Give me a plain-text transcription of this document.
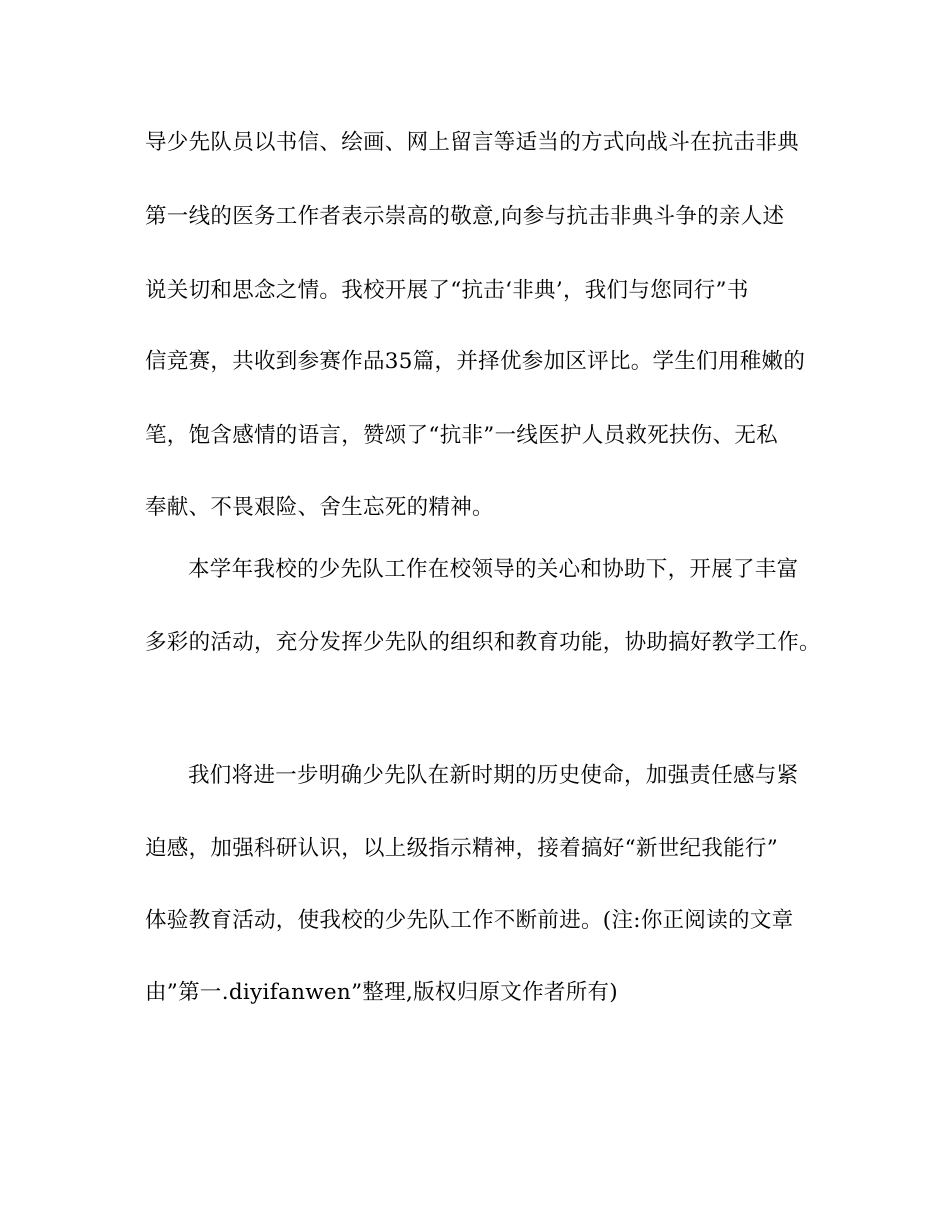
导少先队员以书信、绘画、网上留言等适当的方式向战斗在抗击非典
第一线的医务工作者表示崇高的敬意,向参与抗击非典斗争的亲人述
说关切和思念之情。我校开展了“抗击‘非典’，我们与您同行”书
信竞赛，共收到参赛作品35篇，并择优参加区评比。学生们用稚嫩的
笔，饱含感情的语言，赞颂了“抗非”一线医护人员救死扶伤、无私
奉献、不畏艰险、舍生忘死的精神。
本学年我校的少先队工作在校领导的关心和协助下，开展了丰富
多彩的活动，充分发挥少先队的组织和教育功能，协助搞好教学工作。
我们将进一步明确少先队在新时期的历史使命，加强责任感与紧
迫感，加强科研认识，以上级指示精神，接着搞好“新世纪我能行”
体验教育活动，使我校的少先队工作不断前进。(注:你正阅读的文章
由”第一.diyifanwen”整理,版权归原文作者所有)
